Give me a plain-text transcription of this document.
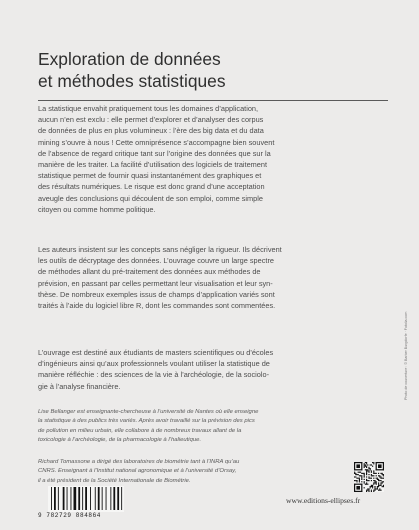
Exploration de données
et méthodes statistiques

La statistique envahit pratiquement tous les domaines d’application,
aucun n’en est exclu : elle permet d’explorer et d’analyser des corpus
de données de plus en plus volumineux : l’ère des big data et du data
mining s’ouvre à nous ! Cette omniprésence s’accompagne bien souvent
de l’absence de regard critique tant sur l’origine des données que sur la
manière de les traiter. La facilité d’utilisation des logiciels de traitement
statistique permet de fournir quasi instantanément des graphiques et
des résultats numériques. Le risque est donc grand d’une acceptation
aveugle des conclusions qui découlent de son emploi, comme simple
citoyen ou comme homme politique.

Les auteurs insistent sur les concepts sans négliger la rigueur. Ils décrivent
les outils de décryptage des données. L’ouvrage couvre un large spectre
de méthodes allant du pré-traitement des données aux méthodes de
prévision, en passant par celles permettant leur visualisation et leur syn-
thèse. De nombreux exemples issus de champs d’application variés sont
traités à l’aide du logiciel libre R, dont les commandes sont commentées.

L’ouvrage est destiné aux étudiants de masters scientifiques ou d’écoles
d’ingénieurs ainsi qu’aux professionnels voulant utiliser la statistique de
manière réfléchie : des sciences de la vie à l’archéologie, de la sociolo-
gie à l’analyse financière.

Lise Bellanger est enseignante-chercheuse à l’université de Nantes où elle enseigne
la statistique à des publics très variés. Après avoir travaillé sur la prévision des pics
de pollution en milieu urbain, elle collabore à de nombreux travaux allant de la
toxicologie à l’archéologie, de la pharmacologie à l’halieutique.

Richard Tomassone a dirigé des laboratoires de biométrie tant à l’INRA qu’au
CNRS. Enseignant à l’Institut national agronomique et à l’université d’Orsay,
il a été président de la Société Internationale de Biométrie.

Photo de couverture : © Barber Burgdorfe · Fotolia.com
9 782729 884864
www.editions-ellipses.fr
